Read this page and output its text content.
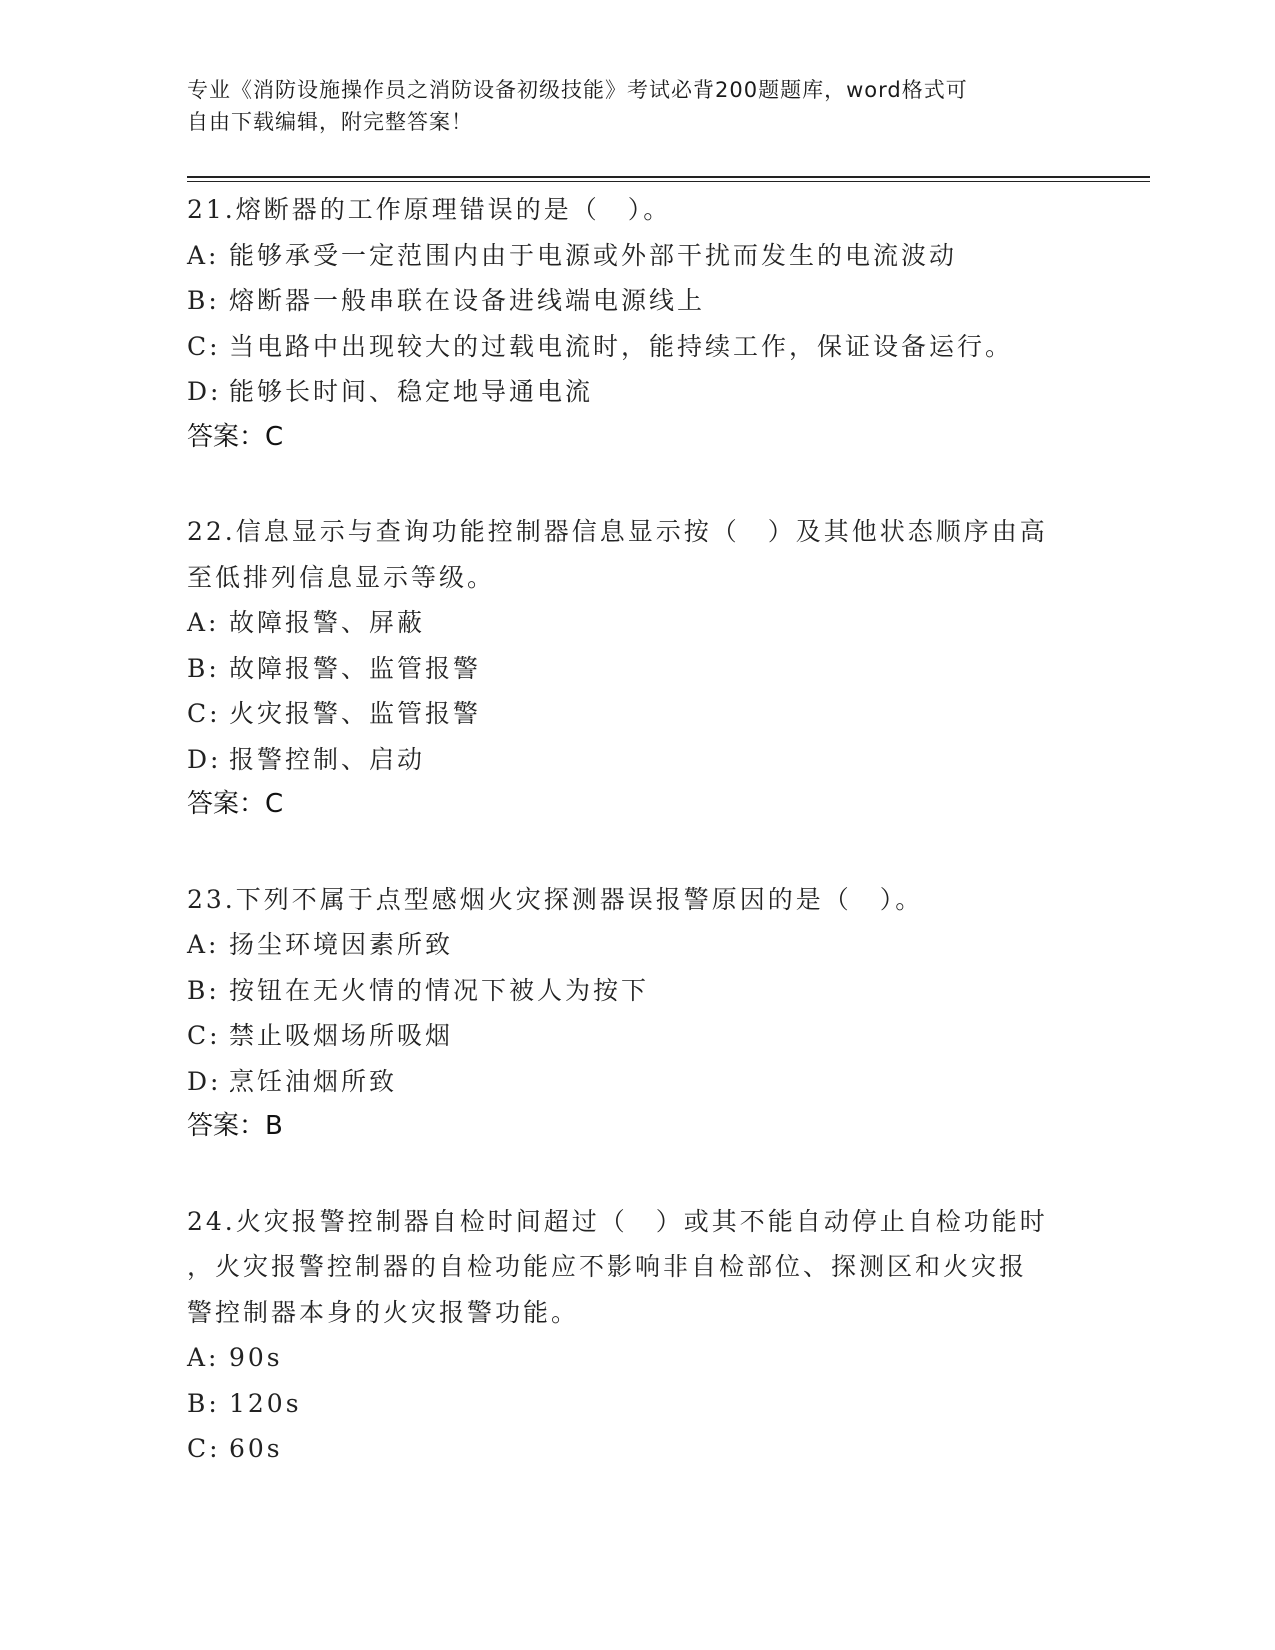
专业《消防设施操作员之消防设备初级技能》考试必背200题题库，word格式可
自由下载编辑，附完整答案！
21.熔断器的工作原理错误的是（　）。
A: 能够承受一定范围内由于电源或外部干扰而发生的电流波动
B: 熔断器一般串联在设备进线端电源线上
C: 当电路中出现较大的过载电流时，能持续工作，保证设备运行。
D: 能够长时间、稳定地导通电流
答案：C
22.信息显示与查询功能控制器信息显示按（　）及其他状态顺序由高
至低排列信息显示等级。
A: 故障报警、屏蔽
B: 故障报警、监管报警
C: 火灾报警、监管报警
D: 报警控制、启动
答案：C
23.下列不属于点型感烟火灾探测器误报警原因的是（　）。
A: 扬尘环境因素所致
B: 按钮在无火情的情况下被人为按下
C: 禁止吸烟场所吸烟
D: 烹饪油烟所致
答案：B
24.火灾报警控制器自检时间超过（　）或其不能自动停止自检功能时
，火灾报警控制器的自检功能应不影响非自检部位、探测区和火灾报
警控制器本身的火灾报警功能。
A: 90s
B: 120s
C: 60s
